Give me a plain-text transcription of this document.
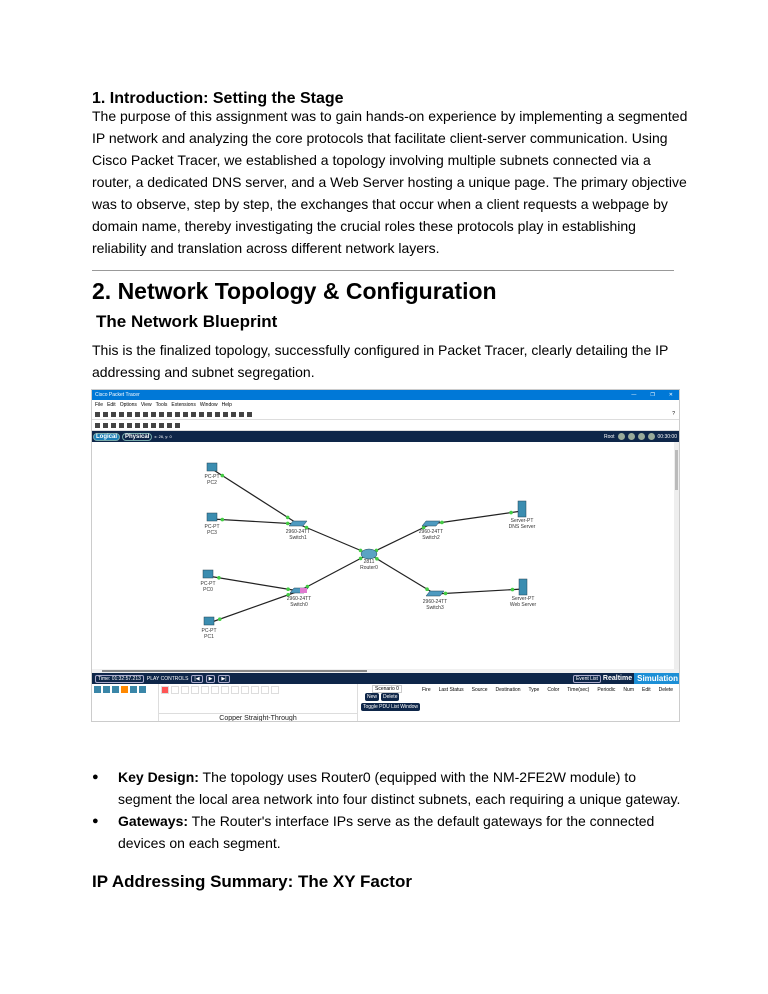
1. Introduction: Setting the Stage

The purpose of this assignment was to gain hands-on experience by implementing a segmented IP network and analyzing the core protocols that facilitate client-server communication. Using Cisco Packet Tracer, we established a topology involving multiple subnets connected via a router, a dedicated DNS server, and a Web Server hosting a unique page. The primary objective was to observe, step by step, the exchanges that occur when a client requests a webpage by domain name, thereby investigating the crucial roles these protocols play in establishing reliability and translation across different network layers.

2. Network Topology & Configuration
The Network Blueprint

This is the finalized topology, successfully configured in Packet Tracer, clearly detailing the IP addressing and subnet segregation.

Cisco Packet Tracer	—	❐	✕
File Edit Options View Tools Extensions Window Help
?
Logical	Physical	x: 26, y: 0	Root	00:30:00
PC-PT
PC2
PC-PT
PC3	2960-24TT
Switch1
2811
Router0
2960-24TT
Switch2
Server-PT
DNS Server
PC-PT
PC0
2960-24TT
Switch0	2960-24TT
Switch3
Server-PT
Web Server
PC-PT
PC1
Time: 01:32:57.213	PLAY CONTROLS	|◀	▶	▶|	Event List Realtime Simulation
Copper Straight-Through
Scenario 0
New Delete
Toggle PDU List Window
Fire Last Status Source Destination Type Color Time(sec) Periodic Num Edit Delete
● Key Design: The topology uses Router0 (equipped with the NM-2FE2W module) to segment the local area network into four distinct subnets, each requiring a unique gateway.
● Gateways: The Router's interface IPs serve as the default gateways for the connected devices on each segment.
IP Addressing Summary: The XY Factor
